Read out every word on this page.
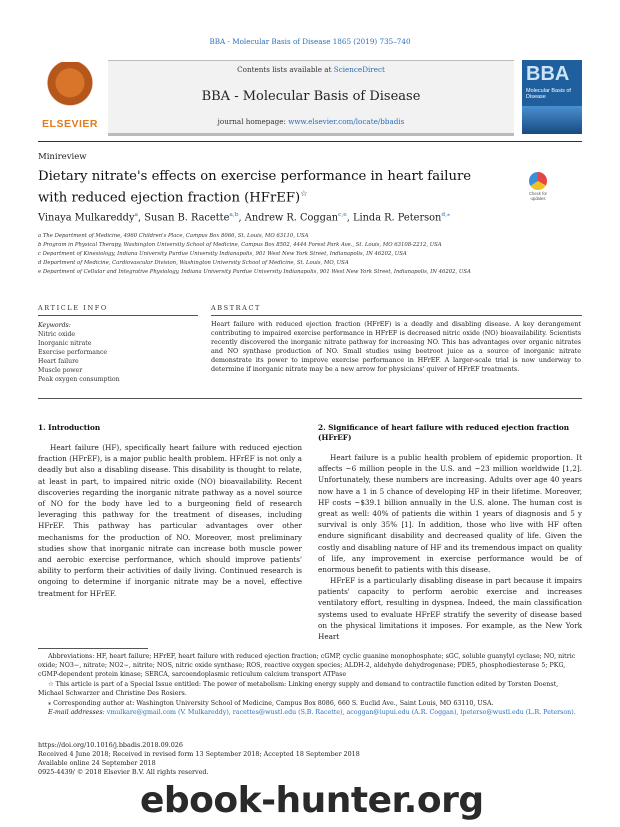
BBA - Molecular Basis of Disease 1865 (2019) 735–740
ELSEVIER
Contents lists available at ScienceDirect
BBA - Molecular Basis of Disease
journal homepage: www.elsevier.com/locate/bbadis
BBA
Molecular Basis of Disease
Minireview
Dietary nitrate's effects on exercise performance in heart failure with reduced ejection fraction (HFrEF)☆	Check for updates
Vinaya Mulkareddy$^a$, Susan B. Racette$^{a,b}$, Andrew R. Coggan$^{c,e}$, Linda R. Peterson$^{d,⁎}$
a The Department of Medicine, 4960 Children's Place, Campus Box 8066, St. Louis, MO 63110, USA
b Program in Physical Therapy, Washington University School of Medicine, Campus Box 8502, 4444 Forest Park Ave., St. Louis, MO 63108-2212, USA
c Department of Kinesiology, Indiana University Purdue University Indianapolis, 901 West New York Street, Indianapolis, IN 46202, USA
d Department of Medicine, Cardiovascular Division, Washington University School of Medicine, St. Louis, MO, USA
e Department of Cellular and Integrative Physiology, Indiana University Purdue University Indianapolis, 901 West New York Street, Indianapolis, IN 46202, USA
ARTICLE INFO	ABSTRACT
Keywords:
Nitric oxide
Inorganic nitrate
Exercise performance
Heart failure
Muscle power
Peak oxygen consumption
Heart failure with reduced ejection fraction (HFrEF) is a deadly and disabling disease. A key derangement contributing to impaired exercise performance in HFrEF is decreased nitric oxide (NO) bioavailability. Scientists recently discovered the inorganic nitrate pathway for increasing NO. This has advantages over organic nitrates and NO synthase production of NO. Small studies using beetroot juice as a source of inorganic nitrate demonstrate its power to improve exercise performance in HFrEF. A larger-scale trial is now underway to determine if inorganic nitrate may be a new arrow for physicians' quiver of HFrEF treatments.
1. Introduction
Heart failure (HF), specifically heart failure with reduced ejection fraction (HFrEF), is a major public health problem. HFrEF is not only a deadly but also a disabling disease. This disability is thought to relate, at least in part, to impaired nitric oxide (NO) bioavailability. Recent discoveries regarding the inorganic nitrate pathway as a novel source of NO for the body have led to a burgeoning field of research leveraging this pathway for the treatment of diseases, including HFrEF. This pathway has particular advantages over other mechanisms for the production of NO. Moreover, most preliminary studies show that inorganic nitrate can increase both muscle power and aerobic exercise performance, which should improve patients' ability to perform their activities of daily living. Continued research is ongoing to determine if inorganic nitrate may be a novel, effective treatment for HFrEF.
2. Significance of heart failure with reduced ejection fraction (HFrEF)
Heart failure is a public health problem of epidemic proportion. It affects ~6 million people in the U.S. and ~23 million worldwide [1,2]. Unfortunately, these numbers are increasing. Adults over age 40 years now have a 1 in 5 chance of developing HF in their lifetime. Moreover, HF costs ~$39.1 billion annually in the U.S. alone. The human cost is great as well: 40% of patients die within 1 years of diagnosis and 5 y survival is only 35% [1]. In addition, those who live with HF often endure significant disability and decreased quality of life. Given the costly and disabling nature of HF and its tremendous impact on quality of life, any improvement in exercise performance would be of enormous benefit to patients with this disease.
HFrEF is a particularly disabling disease in part because it impairs patients' capacity to perform aerobic exercise and increases ventilatory effort, resulting in dyspnea. Indeed, the main classification systems used to evaluate HFrEF stratify the severity of disease based on the physical limitations it imposes. For example, as the New York Heart
Abbreviations: HF, heart failure; HFrEF, heart failure with reduced ejection fraction; cGMP, cyclic guanine monophosphate; sGC, soluble guanylyl cyclase; NO, nitric oxide; NO3−, nitrate; NO2−, nitrite; NOS, nitric oxide synthase; ROS, reactive oxygen species; ALDH-2, aldehyde dehydrogenase; PDE5, phosphodiesterase 5; PKG, cGMP-dependent protein kinase; SERCA, sarcoendoplasmic reticulum calcium transport ATPase
☆ This article is part of a Special Issue entitled: The power of metabolism: Linking energy supply and demand to contractile function edited by Torsten Doenst, Michael Schwarzer and Christine Des Rosiers.
⁎ Corresponding author at: Washington University School of Medicine, Campus Box 8086, 660 S. Euclid Ave., Saint Louis, MO 63110, USA.
E-mail addresses: vmulkare@gmail.com (V. Mulkareddy), racettes@wustl.edu (S.B. Racette), acoggan@iupui.edu (A.R. Coggan), lpeterso@wustl.edu (L.R. Peterson).
https://doi.org/10.1016/j.bbadis.2018.09.026
Received 4 June 2018; Received in revised form 13 September 2018; Accepted 18 September 2018
Available online 24 September 2018
0925-4439/ © 2018 Elsevier B.V. All rights reserved.
ebook-hunter.org
